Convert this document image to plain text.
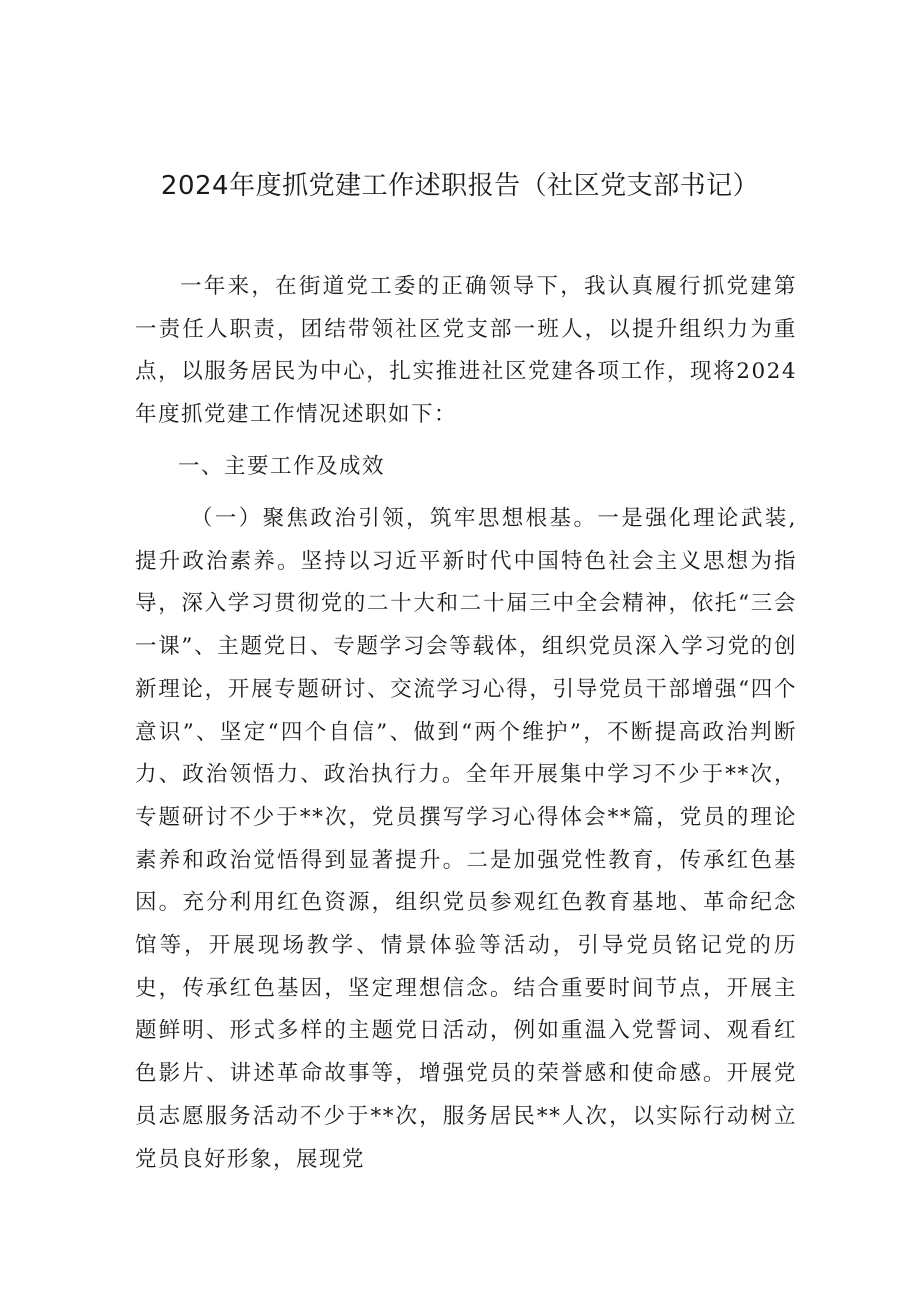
2024年度抓党建工作述职报告（社区党支部书记）

一年来，在街道党工委的正确领导下，我认真履行抓党建第一责任人职责，团结带领社区党支部一班人，以提升组织力为重点，以服务居民为中心，扎实推进社区党建各项工作，现将2024年度抓党建工作情况述职如下：

一、主要工作及成效

（一）聚焦政治引领，筑牢思想根基。一是强化理论武装,提升政治素养。坚持以习近平新时代中国特色社会主义思想为指导，深入学习贯彻党的二十大和二十届三中全会精神，依托“三会一课”、主题党日、专题学习会等载体，组织党员深入学习党的创新理论，开展专题研讨、交流学习心得，引导党员干部增强“四个意识”、坚定“四个自信”、做到“两个维护”，不断提高政治判断力、政治领悟力、政治执行力。全年开展集中学习不少于**次，专题研讨不少于**次，党员撰写学习心得体会**篇，党员的理论素养和政治觉悟得到显著提升。二是加强党性教育，传承红色基因。充分利用红色资源，组织党员参观红色教育基地、革命纪念馆等，开展现场教学、情景体验等活动，引导党员铭记党的历史，传承红色基因，坚定理想信念。结合重要时间节点，开展主题鲜明、形式多样的主题党日活动，例如重温入党誓词、观看红色影片、讲述革命故事等，增强党员的荣誉感和使命感。开展党员志愿服务活动不少于**次，服务居民**人次，以实际行动树立党员良好形象，展现党
